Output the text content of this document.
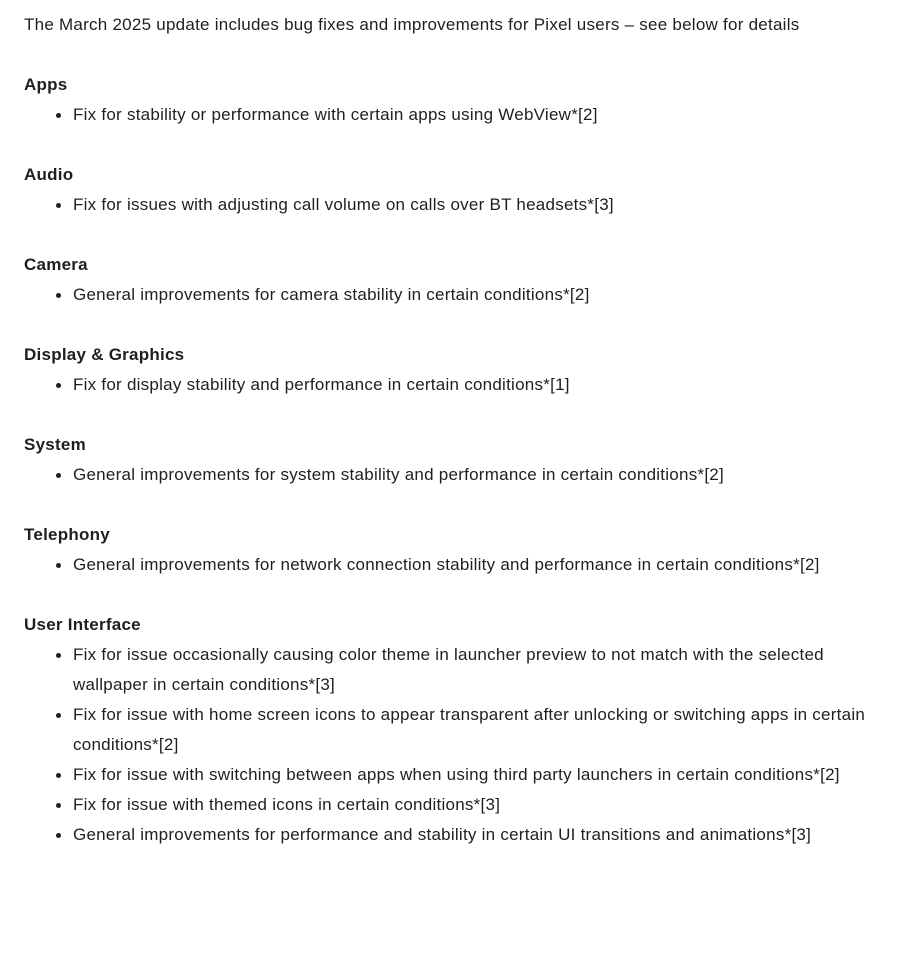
The March 2025 update includes bug fixes and improvements for Pixel users – see below for details

Apps
Fix for stability or performance with certain apps using WebView*[2]
Audio
Fix for issues with adjusting call volume on calls over BT headsets*[3]
Camera
General improvements for camera stability in certain conditions*[2]
Display & Graphics
Fix for display stability and performance in certain conditions*[1]
System
General improvements for system stability and performance in certain conditions*[2]
Telephony
General improvements for network connection stability and performance in certain conditions*[2]
User Interface
Fix for issue occasionally causing color theme in launcher preview to not match with the selected wallpaper in certain conditions*[3]
Fix for issue with home screen icons to appear transparent after unlocking or switching apps in certain conditions*[2]
Fix for issue with switching between apps when using third party launchers in certain conditions*[2]
Fix for issue with themed icons in certain conditions*[3]
General improvements for performance and stability in certain UI transitions and animations*[3]
